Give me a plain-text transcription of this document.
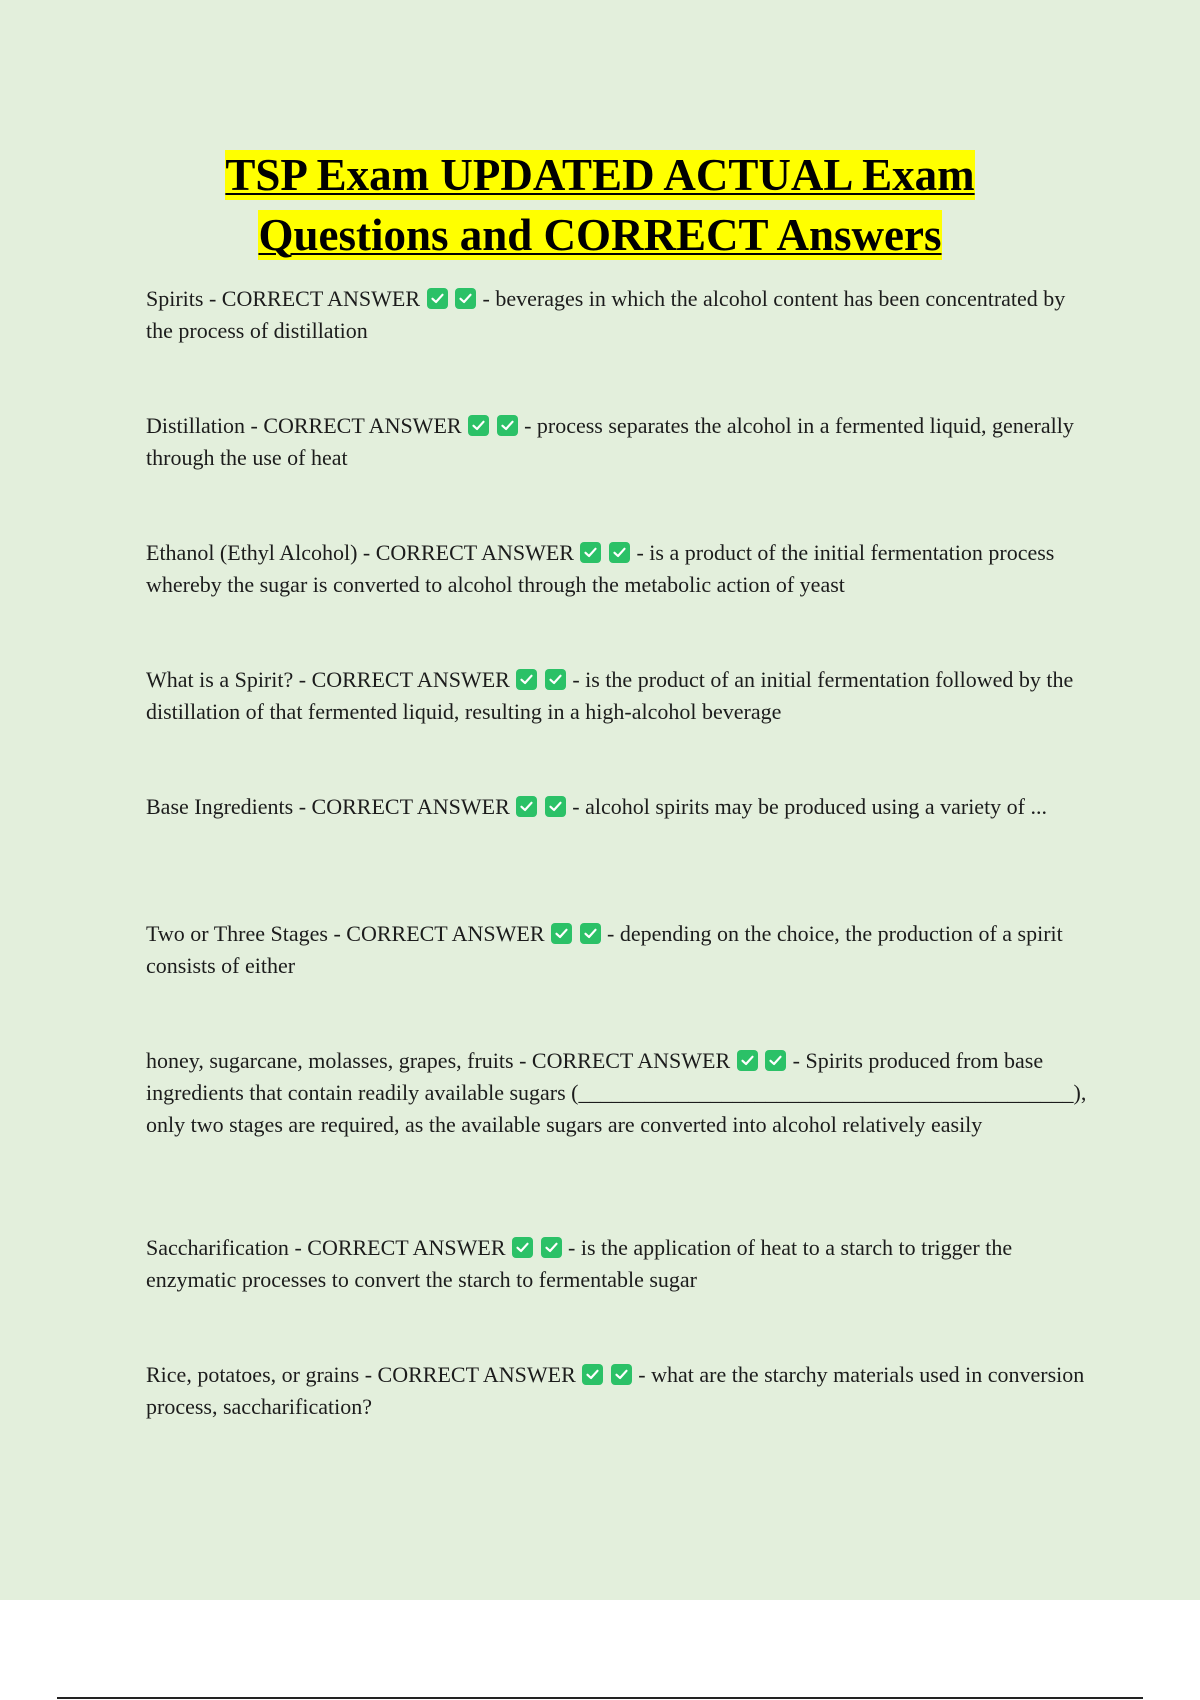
TSP Exam UPDATED ACTUAL Exam
Questions and CORRECT Answers

Spirits - CORRECT ANSWER
	- beverages in which the alcohol content has been concentrated by the process of distillation

Distillation - CORRECT ANSWER
	- process separates the alcohol in a fermented liquid, generally through the use of heat

Ethanol (Ethyl Alcohol) - CORRECT ANSWER
	- is a product of the initial fermentation process whereby the sugar is converted to alcohol through the metabolic action of yeast

What is a Spirit? - CORRECT ANSWER
	- is the product of an initial fermentation followed by the distillation of that fermented liquid, resulting in a high-alcohol beverage

Base Ingredients - CORRECT ANSWER
	- alcohol spirits may be produced using a variety of ...

Two or Three Stages - CORRECT ANSWER
	- depending on the choice, the production of a spirit consists of either

honey, sugarcane, molasses, grapes, fruits - CORRECT ANSWER
	- Spirits produced from base ingredients that contain readily available sugars (_____________________________________________), only two stages are required, as the available sugars are converted into alcohol relatively easily

Saccharification - CORRECT ANSWER
	- is the application of heat to a starch to trigger the enzymatic processes to convert the starch to fermentable sugar

Rice, potatoes, or grains - CORRECT ANSWER
	- what are the starchy materials used in conversion process, saccharification?
